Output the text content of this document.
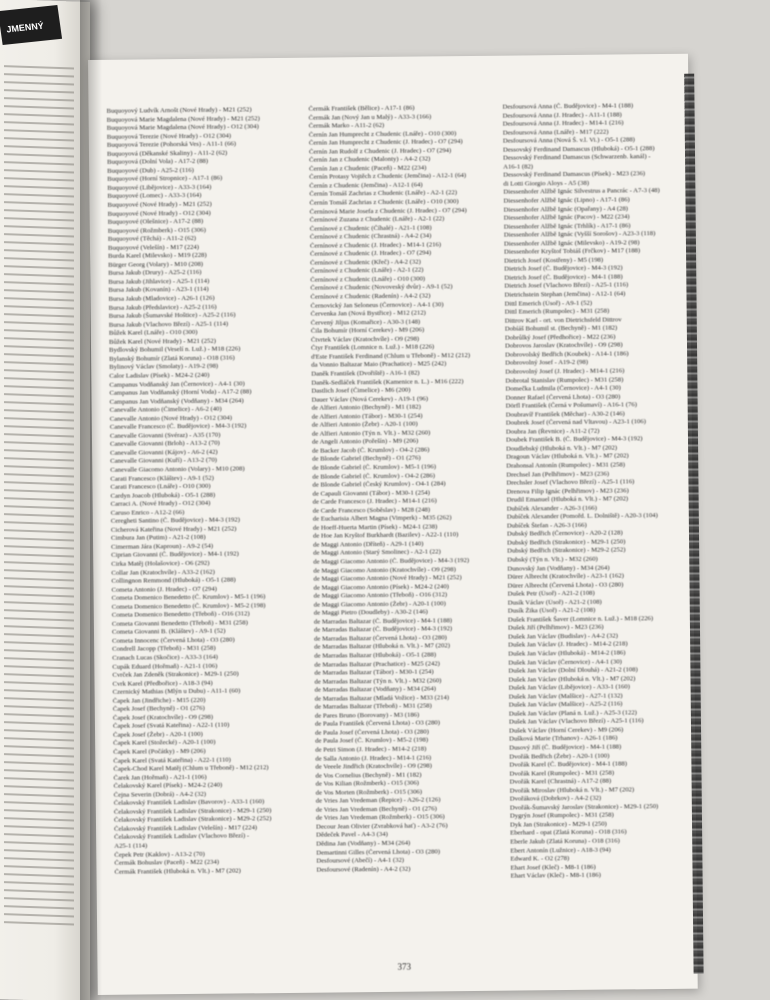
JMENNÝ
Buquoyový Ludvík Arnošt (Nové Hrady) - M21 (252)
Buquoyová Marie Magdalena (Nové Hrady) - M21 (252)
Buquoyová Marie Magdalena (Nové Hrady) - O12 (304)
Buquoyová Terezie (Nové Hrady) - O12 (304)
Buquoyová Terezie (Pohorská Ves) - A11-1 (66)
Buquoyová (Děkanské Skaliny) - A11-2 (62)
Buquoyová (Dolní Vola) - A17-2 (88)
Buquoyové (Dub) - A25-2 (116)
Buquoyové (Horní Stropnice) - A17-1 (86)
Buquoyové (Libějovice) - A33-3 (164)
Buquoyové (Lomec) - A33-3 (164)
Buquoyové (Nové Hrady) - M21 (252)
Buquoyové (Nové Hrady) - O12 (304)
Buquoyové (Olešnice) - A17-2 (88)
Buquoyové (Rožmberk) - O15 (306)
Buquoyové (Těchá) - A11-2 (62)
Buquoyové (Velešín) - M17 (224)
Burda Karel (Milevsko) - M19 (228)
Bürger Georg (Volary) - M10 (208)
Bursa Jakub (Drury) - A25-2 (116)
Bursa Jakub (Jihlavice) - A25-1 (114)
Bursa Jakub (Kovanín) - A23-1 (114)
Bursa Jakub (Mladovice) - A26-1 (126)
Bursa Jakub (Předslavice) - A25-2 (116)
Bursa Jakub (Šumavské Hoštice) - A25-2 (116)
Bursa Jakub (Vlachovo Březí) - A25-1 (114)
Bůžek Karel (Lnáře) - O10 (300)
Bůžek Karel (Nové Hrady) - M21 (252)
Bydlovský Bohumil (Veselí n. Luž.) - M18 (226)
Bylanský Bohumír (Zlatá Koruna) - O18 (316)
Bylinový Václav (Smolaty) - A19-2 (98)
Calor Ladislav (Písek) - M24-2 (240)
Campanus Vodňanský Jan (Černovice) - A4-1 (30)
Campanus Jan Vodňanský (Horní Voda) - A17-2 (88)
Campanus Jan Vodňanský (Vodňany) - M34 (264)
Canevalle Antonio (Čimelice) - A6-2 (40)
Canevalle Antonio (Nové Hrady) - O12 (304)
Canevalle Francesco (Č. Budějovice) - M4-3 (192)
Canevalle Giovanni (Svéraz) - A35 (170)
Canevalle Giovanni (Brloh) - A13-2 (70)
Canevalle Giovanni (Kájov) - A6-2 (42)
Canevalle Giovanni (Kuří) - A13-2 (70)
Canevalle Giacomo Antonio (Volary) - M10 (208)
Carati Francesco (Kláštev) - A9-1 (52)
Carati Francesco (Lnáře) - O10 (300)
Cardyn Joacob (Hluboká) - O5-1 (288)
Carraci A. (Nové Hrady) - O12 (304)
Caruso Enrico - A12-2 (66)
Ceregheti Santino (Č. Budějovice) - M4-3 (192)
Cicherová Kateřina (Nové Hrady) - M21 (252)
Cimbura Jan (Putim) - A21-2 (108)
Cimerman Jára (Kaproun) - A9-2 (54)
Ciprian Giovanni (Č. Budějovice) - M4-1 (192)
Cirka Matěj (Holašovice) - O6 (292)
Collar Jan (Kratochvíle) - A33-2 (162)
Collingnon Remmond (Hluboká) - O5-1 (288)
Cometa Antonio (J. Hradec) - O7 (294)
Cometa Domenico Benedetto (Č. Krumlov) - M5-1 (196)
Cometa Domenico Benedetto (Č. Krumlov) - M5-2 (198)
Cometa Domenico Benedetto (Třeboň) - O16 (312)
Cometa Giovanni Benedetto (Třeboň) - M31 (258)
Cometa Giovanni B. (Kláštev) - A9-1 (52)
Cometa Innocenc (Červená Lhota) - O3 (280)
Condrell Jacopp (Třeboň) - M31 (258)
Cranach Lucas (Skočice) - A33-3 (164)
Cupák Eduard (Hořmaň) - A21-1 (106)
Cvrček Jan Zdeněk (Strakonice) - M29-1 (250)
Cvrk Karel (Předbořice) - A18-3 (94)
Czernický Mathias (Mlýn u Dubu) - A11-1 (60)
Čapek Jan (Jindřiche) - M15 (220)
Čapek Josef (Bechyně) - O1 (276)
Čapek Josef (Kratochvíle) - O9 (298)
Čapek Josef (Svatá Kateřina) - A22-1 (110)
Čapek Josef (Žebr) - A20-1 (100)
Čapek Karel (Stožecké) - A20-1 (100)
Čapek Karel (Počátky) - M9 (206)
Čapek Karel (Svatá Kateřina) - A22-1 (110)
Čapek-Chod Karel Matěj (Chlum u Třeboně) - M12 (212)
Čarek Jan (Hořmaň) - A21-1 (106)
Čelakovský Karel (Písek) - M24-2 (240)
Čejna Severin (Dobrá) - A4-2 (32)
Čelakovský František Ladislav (Bavorov) - A33-1 (160)
Čelakovský František Ladislav (Strakonice) - M29-1 (250)
Čelakovský František Ladislav (Strakonice) - M29-2 (252)
Čelakovský František Ladislav (Velešín) - M17 (224)
Čelakovský František Ladislav (Vlachovo Březí) -
A25-1 (114)
Čepek Petr (Kaklov) - A13-2 (70)
Čermák Bohuslav (Paceň) - M22 (234)
Čermák František (Hluboká n. Vlt.) - M7 (202)
Čermák František (Bělice) - A17-1 (86)
Čermák Jan (Nový Jan u Malý) - A33-3 (166)
Čermák Marko - A11-2 (62)
Černín Jan Humprecht z Chudenic (Lnáře) - O10 (300)
Černín Jan Humprecht z Chudenic (J. Hradec) - O7 (294)
Černín Jan Rudolf z Chudenic (J. Hradec) - O7 (294)
Černín Jan z Chudenic (Malonty) - A4-2 (32)
Černín Jan z Chudenic (Paceň) - M22 (234)
Černín Protasy Vojtěch z Chudenic (Jemčina) - A12-1 (64)
Černín z Chudenic (Jemčina) - A12-1 (64)
Černín Tomáš Zachrias z Chudenic (Lnáře) - A2-1 (22)
Černín Tomáš Zachrias z Chudenic (Lnáře) - O10 (300)
Černínová Marie Josefa z Chudenic (J. Hradec) - O7 (294)
Černínové Zuzana z Chudenic (Lnáře) - A2-1 (22)
Černínové z Chudenic (Číhalé) - A21-1 (108)
Černínové z Chudenic (Chrastná) - A4-2 (34)
Černínové z Chudenic (J. Hradec) - M14-1 (216)
Černínové z Chudenic (J. Hradec) - O7 (294)
Černínové z Chudenic (Křeč) - A4-2 (32)
Černínové z Chudenic (Lnáře) - A2-1 (22)
Černínové z Chudenic (Lnáře) - O10 (300)
Černínové z Chudenic (Novoveský dvůr) - A9-1 (52)
Černínové z Chudenic (Radenín) - A4-2 (32)
Černovický Jan Seloneus (Černovice) - A4-1 (30)
Červenka Jan (Nová Bystřice) - M12 (212)
Červený Jiljus (Komařice) - A30-3 (148)
Čila Bohumír (Horní Cerekev) - M9 (206)
Čtvrtek Václav (Kratochvíle) - O9 (298)
Čtyr František (Lomnice n. Luž.) - M18 (226)
d'Este František Ferdinand (Chlum u Třeboně) - M12 (212)
da Vonnio Baltazar Maio (Prachatice) - M25 (242)
Daněk František (Dvořiště) - A16-1 (82)
Daněk-Sedláček František (Kamenice n. L.) - M16 (222)
Dastlich Josef (Čimelice) - M6 (200)
Dauer Václav (Nová Cerekev) - A19-1 (96)
de Alfieri Antonio (Bechyně) - M1 (182)
de Alfieri Antonio (Tábor) - M30-1 (254)
de Alfieri Antonio (Žebr) - A20-1 (100)
de Alfieri Antonio (Týn n. Vlt.) - M32 (260)
de Angeli Antonio (Pořešín) - M9 (206)
de Backer Jacob (Č. Krumlov) - O4-2 (286)
de Blonde Gabriel (Bechyně) - O1 (276)
de Blonde Gabriel (Č. Krumlov) - M5-1 (196)
de Blonde Gabriel (Č. Krumlov) - O4-2 (286)
de Blonde Gabriel (Český Krumlov) - O4-1 (284)
de Capauli Giovanni (Tábor) - M30-1 (254)
de Carde Francesco (J. Hradec) - M14-1 (216)
de Carde Francesco (Soběslav) - M28 (248)
de Eucharisia Albert Magna (Vimperk) - M35 (262)
de Hoeff-Huerta Martin (Písek) - M24-1 (238)
de Hoe Jan Kryštof Burkhardt (Bazilev) - A22-1 (110)
de Maggi Antonio (Dříteň) - A29-1 (140)
de Maggi Antonio (Starý Smolinec) - A2-1 (22)
de Maggi Giacomo Antonio (Č. Budějovice) - M4-3 (192)
de Maggi Giacomo Antonio (Kratochvíle) - O9 (298)
de Maggi Giacomo Antonio (Nové Hrady) - M21 (252)
de Maggi Giacomo Antonio (Písek) - M24-2 (240)
de Maggi Giacomo Antonio (Třeboň) - O16 (312)
de Maggi Giacomo Antonio (Žebr) - A20-1 (100)
de Maggi Pietro (Doudleby) - A30-2 (146)
de Marradas Baltazar (Č. Budějovice) - M4-1 (188)
de Marradas Baltazar (Č. Budějovice) - M4-3 (192)
de Marradas Baltazar (Červená Lhota) - O3 (280)
de Marradas Baltazar (Hluboká n. Vlt.) - M7 (202)
de Marradas Baltazar (Hluboká) - O5-1 (288)
de Marradas Baltazar (Prachatice) - M25 (242)
de Marradas Baltazar (Tábor) - M30-1 (254)
de Marradas Baltazar (Týn n. Vlt.) - M32 (260)
de Marradas Baltazar (Vodňany) - M34 (264)
de Marradas Baltazar (Mladá Vožice) - M33 (214)
de Marradas Baltazar (Třeboň) - M31 (258)
de Pares Bruno (Borovany) - M3 (186)
de Paula František (Červená Lhota) - O3 (280)
de Paula Josef (Červená Lhota) - O3 (280)
de Paula Josef (Č. Krumlov) - M5-2 (198)
de Petri Simon (J. Hradec) - M14-2 (218)
de Salla Antonio (J. Hradec) - M14-1 (216)
de Veeele Jindřich (Kratochvíle) - O9 (298)
de Vos Cornelius (Bechyně) - M1 (182)
de Vos Kilian (Rožmberk) - O15 (306)
de Vos Morten (Rožmberk) - O15 (306)
de Vries Jan Vredeman (Řepice) - A26-2 (126)
de Vries Jan Vredeman (Bechyně) - O1 (276)
de Vries Jan Vredeman (Rožmberk) - O15 (306)
Decour Jean Olivier (Zvrabková hať) - A3-2 (76)
Dědeček Pavel - A4-3 (34)
Dědina Jan (Vodňany) - M34 (264)
Demartinni Gilles (Červená Lhota) - O3 (280)
Desfoursové (Abečí) - A4-1 (32)
Desfoursové (Radenín) - A4-2 (32)
Desfoursová Anna (Č. Budějovice) - M4-1 (188)
Desfoursová Anna (J. Hradec) - A11-1 (188)
Desfoursová Anna (J. Hradec) - M14-1 (216)
Desfoursová Anna (Lnáře) - M17 (222)
Desfoursová Anna (Nová Š. v.l. Vi.) - O5-1 (288)
Dessovský Ferdinand Damascus (Hluboká) - O5-1 (288)
Dessovský Ferdinand Damascus (Schwarzenb. kanál) -
A16-1 (82)
Dessovský Ferdinand Damascus (Písek) - M23 (236)
di Lotti Giorgio Aloys - A5 (38)
Diessenhofer Alžbě Ignác Silvestrus a Pancrác - A7-3 (48)
Diessenhofer Alžbě Ignác (Lipno) - A17-1 (86)
Diessenhofer Alžbě Ignác (Opařany) - A4 (28)
Diessenhofer Alžbě Ignác (Pacov) - M22 (234)
Diessenhofer Alžbě Ignác (Trhlík) - A17-1 (86)
Diessenhofer Alžbě Ignác (Vyšší Sorošov) - A23-3 (118)
Diessenhofer Alžbě Ignác (Milevsko) - A19-2 (98)
Diessenhofer Kryštof Tobiáš (Frčkov) - M17 (188)
Dietrich Josef (Kostřeny) - M5 (198)
Dietrich Josef (Č. Budějovice) - M4-3 (192)
Dietrich Josef (Č. Budějovice) - M4-1 (188)
Dietrich Josef (Vlachovo Březí) - A25-1 (116)
Dietrichstein Stephan (Jemčina) - A12-1 (64)
Dittl Emerich (Úsoř) - A9-1 (52)
Dittl Emerich (Rumpolec) - M31 (258)
Dittrov Karl - ort. von Dietrichsfeld Dittrov
Dobíáš Bohumil st. (Bechyně) - M1 (182)
Dobrůlký Josef (Předhořice) - M22 (236)
Dobrovos Jaroslav (Kratochvíle) - O9 (298)
Dobrovolský Bedřich (Koubek) - A14-1 (186)
Dobrovolný Josef - A19-2 (98)
Dobrovolný Josef (J. Hradec) - M14-1 (216)
Dobrotal Stanislav (Rumpolec) - M31 (258)
Domečka Ludmila (Černovice) - A4-1 (30)
Donner Rafael (Červená Lhota) - O3 (280)
Dörfl František (Černá v Pošumaví) - A16-1 (76)
Doubravíř František (Měchar) - A30-2 (146)
Doubrek Josef (Červená nad Vltavou) - A23-1 (106)
Doubra Jan (Řevnice) - A11-2 (72)
Doubek František B. (Č. Budějovice) - M4-3 (192)
Doudlebský (Hluboká n. Vlt.) - M7 (202)
Dragoun Václav (Hluboká n. Vlt.) - M7 (202)
Drahonsal Antonín (Rumpolec) - M31 (258)
Drechsel Jan (Pelhřimov) - M23 (236)
Drechsler Josef (Vlachovo Březí) - A25-1 (116)
Drenova Filip Ignác (Pelhřimov) - M23 (236)
Drudil Emanuel (Hluboká n. Vlt.) - M7 (202)
Dubíček Alexander - A26-3 (166)
Dubíček Alexander (Pomořd. L. Dolniště) - A20-3 (104)
Dubíček Štefan - A26-3 (166)
Dubský Bedřich (Černovice) - A20-2 (128)
Dubský Bedřich (Strakonice) - M29-1 (250)
Dubský Bedřich (Strakonice) - M29-2 (252)
Dubský (Týn n. Vlt.) - M32 (260)
Dunovský Jan (Vodňany) - M34 (264)
Dürer Albrecht (Kratochvíle) - A23-1 (162)
Dürer Albrecht (Červená Lhota) - O3 (280)
Dušek Petr (Úsoř) - A21-2 (108)
Dusík Václav (Úsoř) - A21-2 (108)
Dusík Žika (Úsoř) - A21-2 (108)
Dušek František Šaver (Lomnice n. Luž.) - M18 (226)
Dušek Jiří (Pelhřimov) - M23 (236)
Dušek Jan Václav (Budislav) - A4-2 (32)
Dušek Jan Václav (J. Hradec) - M14-2 (218)
Dušek Jan Václav (Hluboká) - M14-2 (186)
Dušek Jan Václav (Černovice) - A4-1 (30)
Dušek Jan Václav (Dolní Dlouhá) - A21-2 (108)
Dušek Jan Václav (Hluboká n. Vlt.) - M7 (202)
Dušek Jan Václav (Libějovice) - A33-1 (160)
Dušek Jan Václav (Malšice) - A27-1 (132)
Dušek Jan Václav (Malšice) - A25-2 (116)
Dušek Jan Václav (Planá n. Luž.) - A25-3 (122)
Dušek Jan Václav (Vlachovo Březí) - A25-1 (116)
Dušek Václav (Horní Cerekev) - M9 (206)
Dušková Marie (Trhanov) - A26-1 (186)
Dusový Jiří (Č. Budějovice) - M4-1 (188)
Dvořák Bedřich (Žebr) - A20-1 (100)
Dvořák Karel (Č. Budějovice) - M4-1 (188)
Dvořák Karel (Rumpolec) - M31 (258)
Dvořák Karel (Chrastná) - A17-2 (88)
Dvořák Miroslav (Hluboká n. Vlt.) - M7 (202)
Dvořáková (Dobrkov) - A4-2 (32)
Dvořák-Šumavský Jaroslav (Strakonice) - M29-1 (250)
Dygrýn Josef (Rumpolec) - M31 (258)
Dyk Jan (Strakonice) - M29-1 (250)
Eberhard - opat (Zlatá Koruna) - O18 (316)
Eberle Jakub (Zlatá Koruna) - O18 (316)
Ebert Antonín (Lužnice) - A18-3 (94)
Edward K. - O2 (278)
Ehart Josef (Kleč) - M8-1 (186)
Ehart Václav (Kleč) - M8-1 (186)
373
